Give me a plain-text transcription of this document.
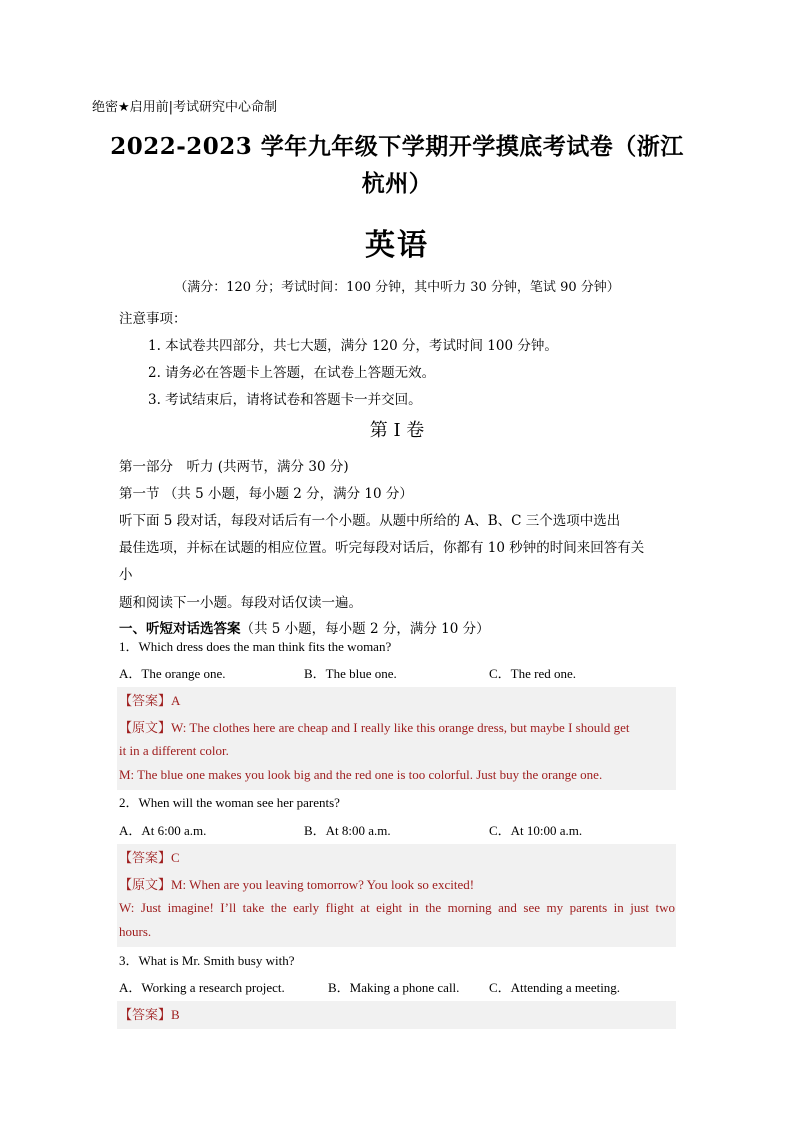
绝密★启用前|考试研究中心命制
2022-2023 学年九年级下学期开学摸底考试卷（浙江
杭州）
英语
（满分：120 分；考试时间：100 分钟，其中听力 30 分钟，笔试 90 分钟）
注意事项：
1. 本试卷共四部分，共七大题，满分 120 分，考试时间 100 分钟。
2. 请务必在答题卡上答题，在试卷上答题无效。
3. 考试结束后，请将试卷和答题卡一并交回。
第 I 卷
第一部分　听力 (共两节，满分 30 分)
第一节 （共 5 小题，每小题 2 分，满分 10 分）
听下面 5 段对话，每段对话后有一个小题。从题中所给的 A、B、C 三个选项中选出
最佳选项，并标在试题的相应位置。听完每段对话后，你都有 10 秒钟的时间来回答有关
小
题和阅读下一小题。每段对话仅读一遍。
一、听短对话选答案（共 5 小题，每小题 2 分，满分 10 分）
1．Which dress does the man think fits the woman?
A．The orange one.	B．The blue one.	C．The red one.
【答案】A
【原文】W: The clothes here are cheap and I really like this orange dress, but maybe I should get
it in a different color.
M: The blue one makes you look big and the red one is too colorful. Just buy the orange one.
2．When will the woman see her parents?
A．At 6:00 a.m.	B．At 8:00 a.m.	C．At 10:00 a.m.
【答案】C
【原文】M: When are you leaving tomorrow? You look so excited!
W: Just imagine! I’ll take the early flight at eight in the morning and see my parents in just two
hours.
3．What is Mr. Smith busy with?
A．Working a research project.	B．Making a phone call. C．Attending a meeting.
【答案】B
